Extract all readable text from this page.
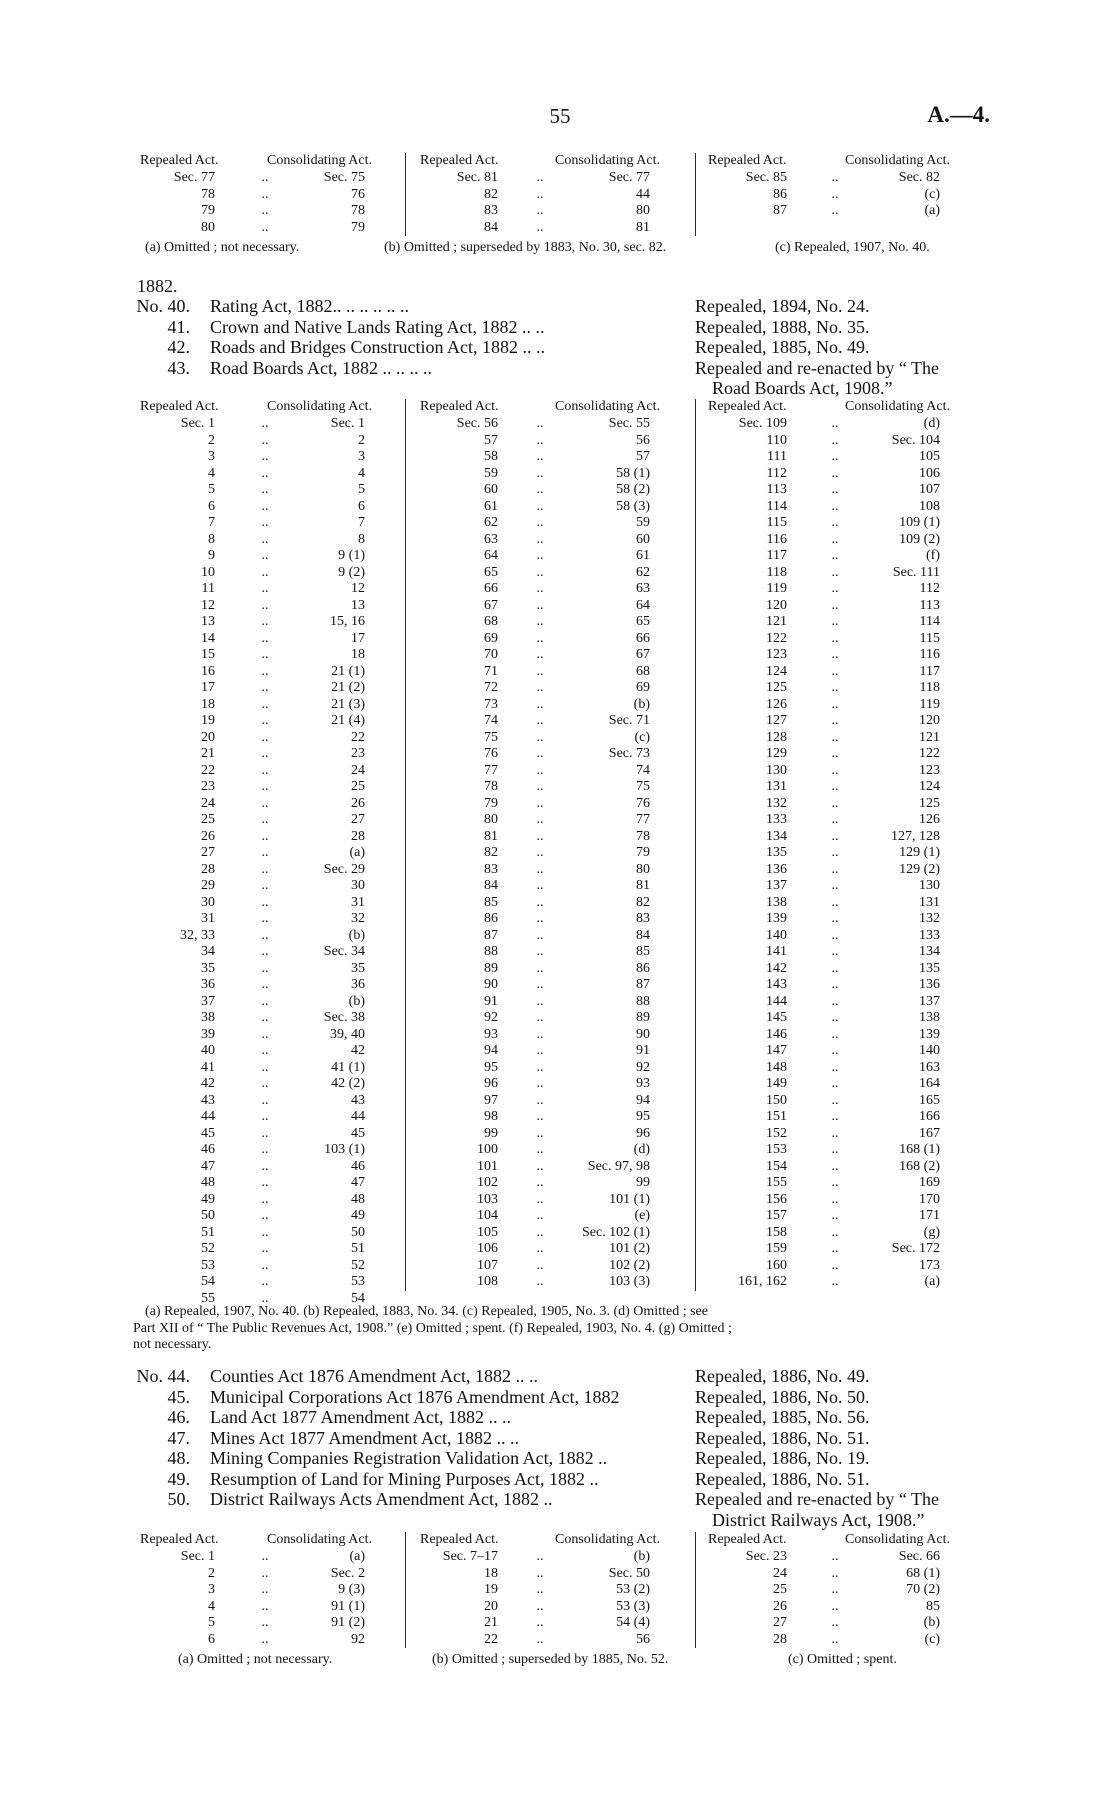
55	A.—4.
Repealed Act.	Consolidating Act.	Repealed Act.	Consolidating Act.	Repealed Act.	Consolidating Act.
Sec. 77	..	Sec. 75	Sec. 81	..	Sec. 77	Sec. 85	..	Sec. 82
78	..	76	82	..	44	86	..	(c)
79	..	78	83	..	80	87	..	(a)
80	..	79	84	..	81
(a) Omitted ; not necessary.	(b) Omitted ; superseded by 1883, No. 30, sec. 82.	(c) Repealed, 1907, No. 40.
1882.
No. 40. Rating Act, 1882.. .. .. .. .. ..	Repealed, 1894, No. 24.
41. Crown and Native Lands Rating Act, 1882 .. ..	Repealed, 1888, No. 35.
42. Roads and Bridges Construction Act, 1882 .. ..	Repealed, 1885, No. 49.
43. Road Boards Act, 1882 .. .. .. ..	Repealed and re-enacted by “ The
Road Boards Act, 1908.”
Repealed Act.	Consolidating Act.	Repealed Act.	Consolidating Act.	Repealed Act.	Consolidating Act.
Sec. 1	..	Sec. 1	Sec. 56	..	Sec. 55	Sec. 109	..	(d)
2	..	2	57	..	56	110	..	Sec. 104
3	..	3	58	..	57	111	..	105
4	..	4	59	..	58 (1)	112	..	106
5	..	5	60	..	58 (2)	113	..	107
6	..	6	61	..	58 (3)	114	..	108
7	..	7	62	..	59	115	..	109 (1)
8	..	8	63	..	60	116	..	109 (2)
9	..	9 (1)	64	..	61	117	..	(f)
10	..	9 (2)	65	..	62	118	..	Sec. 111
11	..	12	66	..	63	119	..	112
12	..	13	67	..	64	120	..	113
13	..	15, 16	68	..	65	121	..	114
14	..	17	69	..	66	122	..	115
15	..	18	70	..	67	123	..	116
16	..	21 (1)	71	..	68	124	..	117
17	..	21 (2)	72	..	69	125	..	118
18	..	21 (3)	73	..	(b)	126	..	119
19	..	21 (4)	74	..	Sec. 71	127	..	120
20	..	22	75	..	(c)	128	..	121
21	..	23	76	..	Sec. 73	129	..	122
22	..	24	77	..	74	130	..	123
23	..	25	78	..	75	131	..	124
24	..	26	79	..	76	132	..	125
25	..	27	80	..	77	133	..	126
26	..	28	81	..	78	134	..	127, 128
27	..	(a)	82	..	79	135	..	129 (1)
28	..	Sec. 29	83	..	80	136	..	129 (2)
29	..	30	84	..	81	137	..	130
30	..	31	85	..	82	138	..	131
31	..	32	86	..	83	139	..	132
32, 33	..	(b)	87	..	84	140	..	133
34	..	Sec. 34	88	..	85	141	..	134
35	..	35	89	..	86	142	..	135
36	..	36	90	..	87	143	..	136
37	..	(b)	91	..	88	144	..	137
38	..	Sec. 38	92	..	89	145	..	138
39	..	39, 40	93	..	90	146	..	139
40	..	42	94	..	91	147	..	140
41	..	41 (1)	95	..	92	148	..	163
42	..	42 (2)	96	..	93	149	..	164
43	..	43	97	..	94	150	..	165
44	..	44	98	..	95	151	..	166
45	..	45	99	..	96	152	..	167
46	..	103 (1)	100	..	(d)	153	..	168 (1)
47	..	46	101	..	Sec. 97, 98	154	..	168 (2)
48	..	47	102	..	99	155	..	169
49	..	48	103	..	101 (1)	156	..	170
50	..	49	104	..	(e)	157	..	171
51	..	50	105	..	Sec. 102 (1)	158	..	(g)
52	..	51	106	..	101 (2)	159	..	Sec. 172
53	..	52	107	..	102 (2)	160	..	173
54	..	53	108	..	103 (3)	161, 162	..	(a)
55	..	54
(a) Repealed, 1907, No. 40. (b) Repealed, 1883, No. 34. (c) Repealed, 1905, No. 3. (d) Omitted ; see
Part XII of “ The Public Revenues Act, 1908.” (e) Omitted ; spent. (f) Repealed, 1903, No. 4. (g) Omitted ;
not necessary.
No. 44. Counties Act 1876 Amendment Act, 1882 .. ..	Repealed, 1886, No. 49.
45. Municipal Corporations Act 1876 Amendment Act, 1882	Repealed, 1886, No. 50.
46. Land Act 1877 Amendment Act, 1882 .. ..	Repealed, 1885, No. 56.
47. Mines Act 1877 Amendment Act, 1882 .. ..	Repealed, 1886, No. 51.
48. Mining Companies Registration Validation Act, 1882 ..	Repealed, 1886, No. 19.
49. Resumption of Land for Mining Purposes Act, 1882 ..	Repealed, 1886, No. 51.
50. District Railways Acts Amendment Act, 1882 ..	Repealed and re-enacted by “ The
District Railways Act, 1908.”
Repealed Act.	Consolidating Act.	Repealed Act.	Consolidating Act.	Repealed Act.	Consolidating Act.
Sec. 1	..	(a)	Sec. 7–17	..	(b)	Sec. 23	..	Sec. 66
2	..	Sec. 2	18	..	Sec. 50	24	..	68 (1)
3	..	9 (3)	19	..	53 (2)	25	..	70 (2)
4	..	91 (1)	20	..	53 (3)	26	..	85
5	..	91 (2)	21	..	54 (4)	27	..	(b)
6	..	92	22	..	56	28	..	(c)
(a) Omitted ; not necessary.	(b) Omitted ; superseded by 1885, No. 52.	(c) Omitted ; spent.
